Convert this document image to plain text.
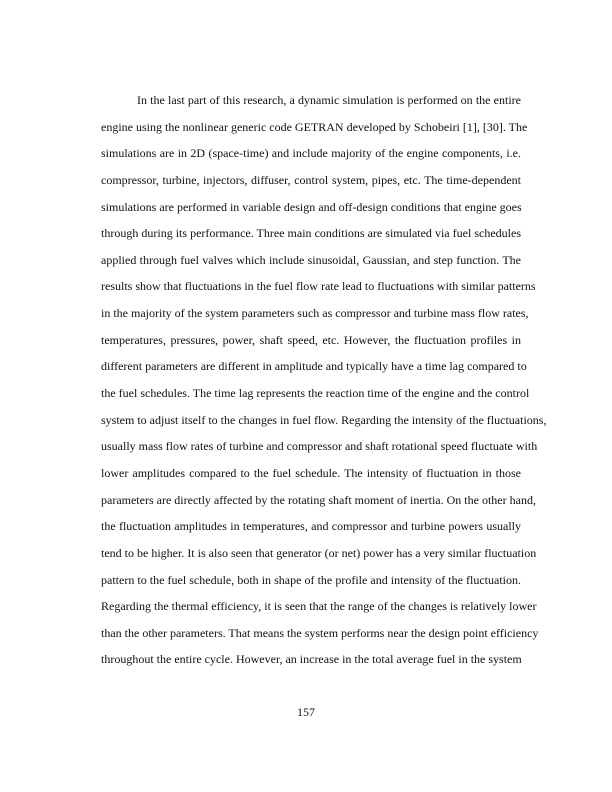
In the last part of this research, a dynamic simulation is performed on the entire
engine using the nonlinear generic code GETRAN developed by Schobeiri [1], [30]. The
simulations are in 2D (space-time) and include majority of the engine components, i.e.
compressor, turbine, injectors, diffuser, control system, pipes, etc. The time-dependent
simulations are performed in variable design and off-design conditions that engine goes
through during its performance. Three main conditions are simulated via fuel schedules
applied through fuel valves which include sinusoidal, Gaussian, and step function. The
results show that fluctuations in the fuel flow rate lead to fluctuations with similar patterns
in the majority of the system parameters such as compressor and turbine mass flow rates,
temperatures, pressures, power, shaft speed, etc. However, the fluctuation profiles in
different parameters are different in amplitude and typically have a time lag compared to
the fuel schedules. The time lag represents the reaction time of the engine and the control
system to adjust itself to the changes in fuel flow. Regarding the intensity of the fluctuations,
usually mass flow rates of turbine and compressor and shaft rotational speed fluctuate with
lower amplitudes compared to the fuel schedule. The intensity of fluctuation in those
parameters are directly affected by the rotating shaft moment of inertia. On the other hand,
the fluctuation amplitudes in temperatures, and compressor and turbine powers usually
tend to be higher. It is also seen that generator (or net) power has a very similar fluctuation
pattern to the fuel schedule, both in shape of the profile and intensity of the fluctuation.
Regarding the thermal efficiency, it is seen that the range of the changes is relatively lower
than the other parameters. That means the system performs near the design point efficiency
throughout the entire cycle. However, an increase in the total average fuel in the system
157
